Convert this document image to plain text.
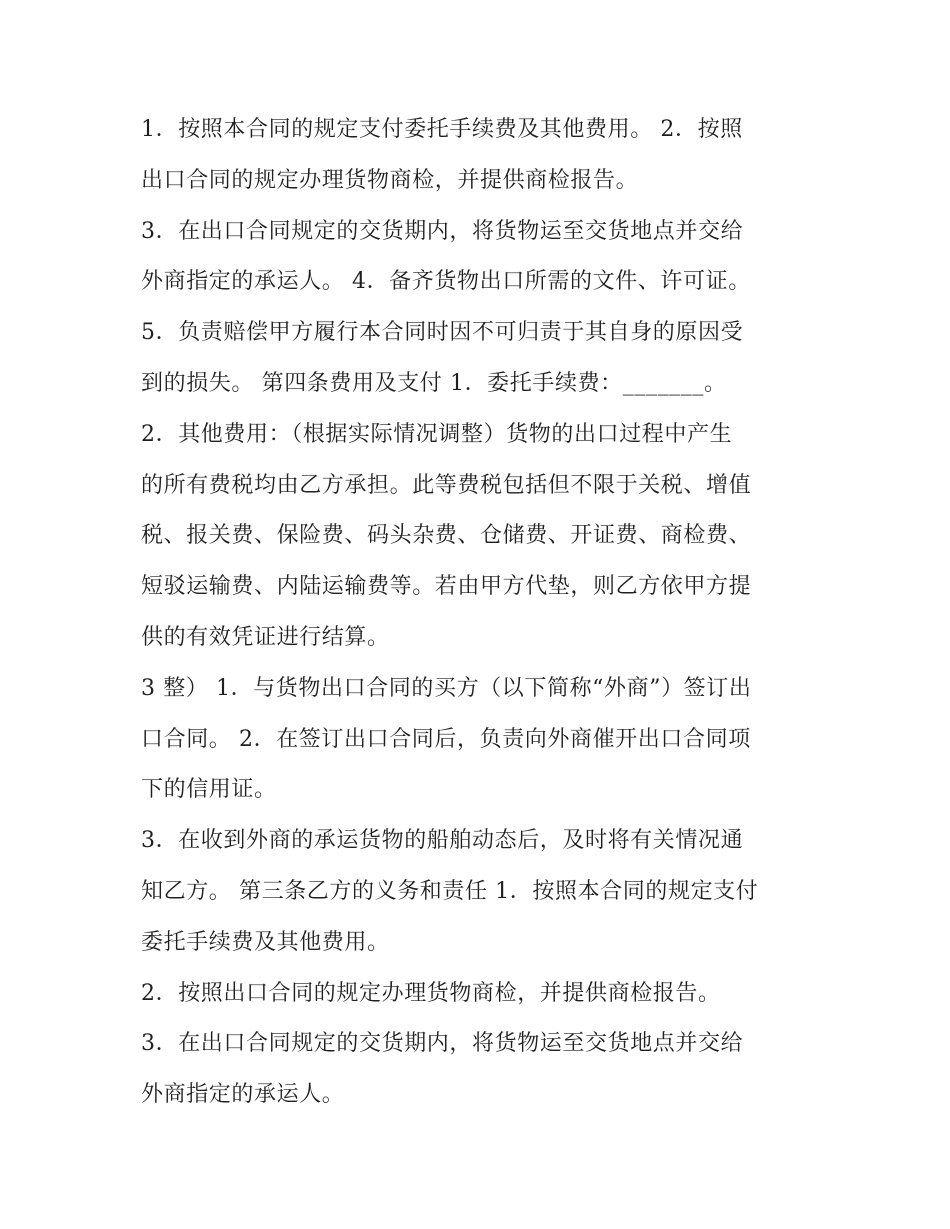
1．按照本合同的规定支付委托手续费及其他费用。 2．按照
出口合同的规定办理货物商检，并提供商检报告。
3．在出口合同规定的交货期内，将货物运至交货地点并交给
外商指定的承运人。 4．备齐货物出口所需的文件、许可证。
5．负责赔偿甲方履行本合同时因不可归责于其自身的原因受
到的损失。 第四条费用及支付 1．委托手续费：_______。
2．其他费用：（根据实际情况调整）货物的出口过程中产生
的所有费税均由乙方承担。此等费税包括但不限于关税、增值
税、报关费、保险费、码头杂费、仓储费、开证费、商检费、
短驳运输费、内陆运输费等。若由甲方代垫，则乙方依甲方提
供的有效凭证进行结算。
3 整） 1．与货物出口合同的买方（以下简称“外商”）签订出
口合同。 2．在签订出口合同后，负责向外商催开出口合同项
下的信用证。
3．在收到外商的承运货物的船舶动态后，及时将有关情况通
知乙方。 第三条乙方的义务和责任 1．按照本合同的规定支付
委托手续费及其他费用。
2．按照出口合同的规定办理货物商检，并提供商检报告。
3．在出口合同规定的交货期内，将货物运至交货地点并交给
外商指定的承运人。
